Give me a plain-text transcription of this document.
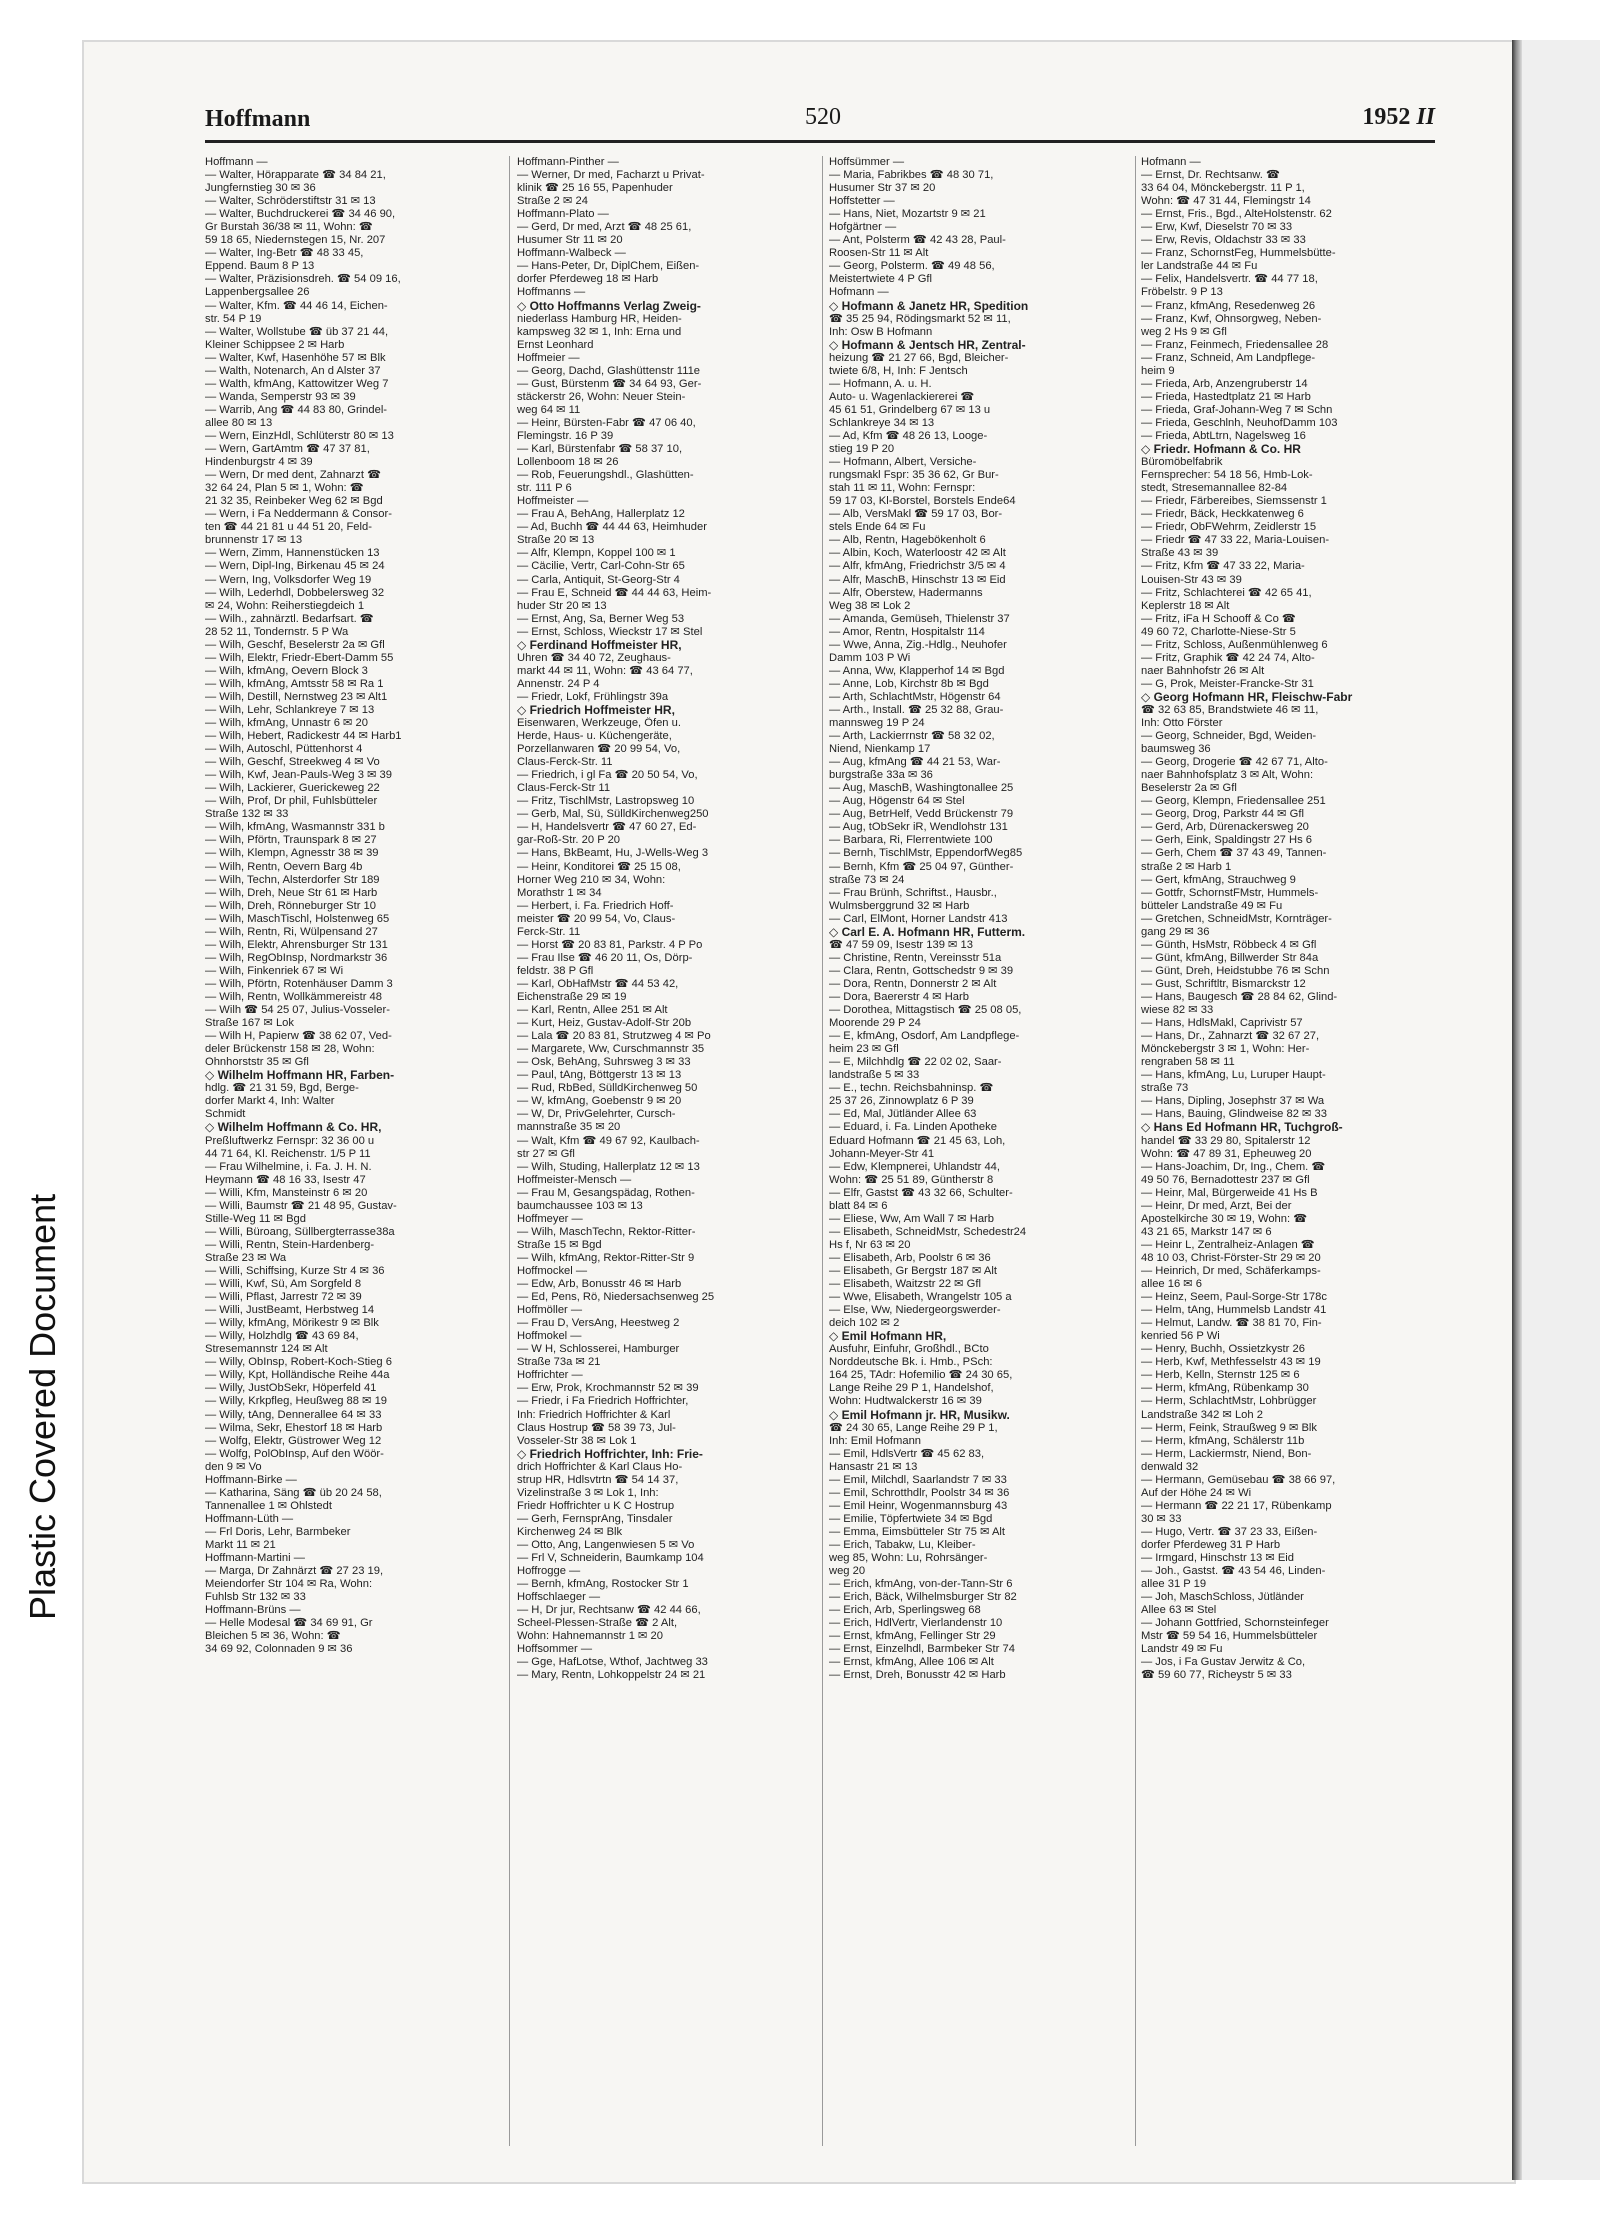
Plastic Covered Document
Hoffmann	520	1952 II
Hoffmann —
— Walter, Hörapparate ☎ 34 84 21,
Jungfernstieg 30 ✉ 36
— Walter, Schröderstiftstr 31 ✉ 13
— Walter, Buchdruckerei ☎ 34 46 90,
Gr Burstah 36/38 ✉ 11, Wohn: ☎
59 18 65, Niedernstegen 15, Nr. 207
— Walter, Ing-Betr ☎ 48 33 45,
Eppend. Baum 8 P 13
— Walter, Präzisionsdreh. ☎ 54 09 16,
Lappenbergsallee 26
— Walter, Kfm. ☎ 44 46 14, Eichen-
str. 54 P 19
— Walter, Wollstube ☎ üb 37 21 44,
Kleiner Schippsee 2 ✉ Harb
— Walter, Kwf, Hasenhöhe 57 ✉ Blk
— Walth, Notenarch, An d Alster 37
— Walth, kfmAng, Kattowitzer Weg 7
— Wanda, Semperstr 93 ✉ 39
— Warrib, Ang ☎ 44 83 80, Grindel-
allee 80 ✉ 13
— Wern, EinzHdl, Schlüterstr 80 ✉ 13
— Wern, GartAmtm ☎ 47 37 81,
Hindenburgstr 4 ✉ 39
— Wern, Dr med dent, Zahnarzt ☎
32 64 24, Plan 5 ✉ 1, Wohn: ☎
21 32 35, Reinbeker Weg 62 ✉ Bgd
— Wern, i Fa Neddermann & Consor-
ten ☎ 44 21 81 u 44 51 20, Feld-
brunnenstr 17 ✉ 13
— Wern, Zimm, Hannenstücken 13
— Wern, Dipl-Ing, Birkenau 45 ✉ 24
— Wern, Ing, Volksdorfer Weg 19
— Wilh, Lederhdl, Dobbelersweg 32
✉ 24, Wohn: Reiherstiegdeich 1
— Wilh., zahnärztl. Bedarfsart. ☎
28 52 11, Tondernstr. 5 P Wa
— Wilh, Geschf, Beselerstr 2a ✉ Gfl
— Wilh, Elektr, Friedr-Ebert-Damm 55
— Wilh, kfmAng, Oevern Block 3
— Wilh, kfmAng, Amtsstr 58 ✉ Ra 1
— Wilh, Destill, Nernstweg 23 ✉ Alt1
— Wilh, Lehr, Schlankreye 7 ✉ 13
— Wilh, kfmAng, Unnastr 6 ✉ 20
— Wilh, Hebert, Radickestr 44 ✉ Harb1
— Wilh, Autoschl, Püttenhorst 4
— Wilh, Geschf, Streekweg 4 ✉ Vo
— Wilh, Kwf, Jean-Pauls-Weg 3 ✉ 39
— Wilh, Lackierer, Guerickeweg 22
— Wilh, Prof, Dr phil, Fuhlsbütteler
Straße 132 ✉ 33
— Wilh, kfmAng, Wasmannstr 331 b
— Wilh, Pförtn, Traunspark 8 ✉ 27
— Wilh, Klempn, Agnesstr 38 ✉ 39
— Wilh, Rentn, Oevern Barg 4b
— Wilh, Techn, Alsterdorfer Str 189
— Wilh, Dreh, Neue Str 61 ✉ Harb
— Wilh, Dreh, Rönneburger Str 10
— Wilh, MaschTischl, Holstenweg 65
— Wilh, Rentn, Ri, Wülpensand 27
— Wilh, Elektr, Ahrensburger Str 131
— Wilh, RegObInsp, Nordmarkstr 36
— Wilh, Finkenriek 67 ✉ Wi
— Wilh, Pförtn, Rotenhäuser Damm 3
— Wilh, Rentn, Wollkämmereistr 48
— Wilh ☎ 54 25 07, Julius-Vosseler-
Straße 167 ✉ Lok
— Wilh H, Papierw ☎ 38 62 07, Ved-
deler Brückenstr 158 ✉ 28, Wohn:
Ohnhorststr 35 ✉ Gfl
◇ Wilhelm Hoffmann HR, Farben-
hdlg. ☎ 21 31 59, Bgd, Berge-
dorfer Markt 4, Inh: Walter
Schmidt
◇ Wilhelm Hoffmann & Co. HR,
Preßluftwerkz Fernspr: 32 36 00 u
44 71 64, Kl. Reichenstr. 1/5 P 11
— Frau Wilhelmine, i. Fa. J. H. N.
Heymann ☎ 48 16 33, Isestr 47
— Willi, Kfm, Mansteinstr 6 ✉ 20
— Willi, Baumstr ☎ 21 48 95, Gustav-
Stille-Weg 11 ✉ Bgd
— Willi, Büroang, Süllbergterrasse38a
— Willi, Rentn, Stein-Hardenberg-
Straße 23 ✉ Wa
— Willi, Schiffsing, Kurze Str 4 ✉ 36
— Willi, Kwf, Sü, Am Sorgfeld 8
— Willi, Pflast, Jarrestr 72 ✉ 39
— Willi, JustBeamt, Herbstweg 14
— Willy, kfmAng, Mörikestr 9 ✉ Blk
— Willy, Holzhdlg ☎ 43 69 84,
Stresemannstr 124 ✉ Alt
— Willy, ObInsp, Robert-Koch-Stieg 6
— Willy, Kpt, Holländische Reihe 44a
— Willy, JustObSekr, Höperfeld 41
— Willy, Krkpfleg, Heußweg 88 ✉ 19
— Willy, tAng, Dennerallee 64 ✉ 33
— Wilma, Sekr, Ehestorf 18 ✉ Harb
— Wolfg, Elektr, Güstrower Weg 12
— Wolfg, PolObInsp, Auf den Wöör-
den 9 ✉ Vo
Hoffmann-Birke —
— Katharina, Säng ☎ üb 20 24 58,
Tannenallee 1 ✉ Ohlstedt
Hoffmann-Lüth —
— Frl Doris, Lehr, Barmbeker
Markt 11 ✉ 21
Hoffmann-Martini —
— Marga, Dr Zahnärzt ☎ 27 23 19,
Meiendorfer Str 104 ✉ Ra, Wohn:
Fuhlsb Str 132 ✉ 33
Hoffmann-Brüns —
— Helle Modesal ☎ 34 69 91, Gr
Bleichen 5 ✉ 36, Wohn: ☎
34 69 92, Colonnaden 9 ✉ 36
Hoffmann-Pinther —
— Werner, Dr med, Facharzt u Privat-
klinik ☎ 25 16 55, Papenhuder
Straße 2 ✉ 24
Hoffmann-Plato —
— Gerd, Dr med, Arzt ☎ 48 25 61,
Husumer Str 11 ✉ 20
Hoffmann-Walbeck —
— Hans-Peter, Dr, DiplChem, Eißen-
dorfer Pferdeweg 18 ✉ Harb
Hoffmanns —
◇ Otto Hoffmanns Verlag Zweig-
niederlass Hamburg HR, Heiden-
kampsweg 32 ✉ 1, Inh: Erna und
Ernst Leonhard
Hoffmeier —
— Georg, Dachd, Glashüttenstr 111e
— Gust, Bürstenm ☎ 34 64 93, Ger-
stäckerstr 26, Wohn: Neuer Stein-
weg 64 ✉ 11
— Heinr, Bürsten-Fabr ☎ 47 06 40,
Flemingstr. 16 P 39
— Karl, Bürstenfabr ☎ 58 37 10,
Lollenboom 18 ✉ 26
— Rob, Feuerungshdl., Glashütten-
str. 111 P 6
Hoffmeister —
— Frau A, BehAng, Hallerplatz 12
— Ad, Buchh ☎ 44 44 63, Heimhuder
Straße 20 ✉ 13
— Alfr, Klempn, Koppel 100 ✉ 1
— Cäcilie, Vertr, Carl-Cohn-Str 65
— Carla, Antiquit, St-Georg-Str 4
— Frau E, Schneid ☎ 44 44 63, Heim-
huder Str 20 ✉ 13
— Ernst, Ang, Sa, Berner Weg 53
— Ernst, Schloss, Wieckstr 17 ✉ Stel
◇ Ferdinand Hoffmeister HR,
Uhren ☎ 34 40 72, Zeughaus-
markt 44 ✉ 11, Wohn: ☎ 43 64 77,
Annenstr. 24 P 4
— Friedr, Lokf, Frühlingstr 39a
◇ Friedrich Hoffmeister HR,
Eisenwaren, Werkzeuge, Öfen u.
Herde, Haus- u. Küchengeräte,
Porzellanwaren ☎ 20 99 54, Vo,
Claus-Ferck-Str. 11
— Friedrich, i gl Fa ☎ 20 50 54, Vo,
Claus-Ferck-Str 11
— Fritz, TischlMstr, Lastropsweg 10
— Gerb, Mal, Sü, SülldKirchenweg250
— H, Handelsvertr ☎ 47 60 27, Ed-
gar-Roß-Str. 20 P 20
— Hans, BkBeamt, Hu, J-Wells-Weg 3
— Heinr, Konditorei ☎ 25 15 08,
Horner Weg 210 ✉ 34, Wohn:
Morathstr 1 ✉ 34
— Herbert, i. Fa. Friedrich Hoff-
meister ☎ 20 99 54, Vo, Claus-
Ferck-Str. 11
— Horst ☎ 20 83 81, Parkstr. 4 P Po
— Frau Ilse ☎ 46 20 11, Os, Dörp-
feldstr. 38 P Gfl
— Karl, ObHafMstr ☎ 44 53 42,
Eichenstraße 29 ✉ 19
— Karl, Rentn, Allee 251 ✉ Alt
— Kurt, Heiz, Gustav-Adolf-Str 20b
— Lala ☎ 20 83 81, Strutzweg 4 ✉ Po
— Margarete, Ww, Curschmannstr 35
— Osk, BehAng, Suhrsweg 3 ✉ 33
— Paul, tAng, Böttgerstr 13 ✉ 13
— Rud, RbBed, SülldKirchenweg 50
— W, kfmAng, Goebenstr 9 ✉ 20
— W, Dr, PrivGelehrter, Cursch-
mannstraße 35 ✉ 20
— Walt, Kfm ☎ 49 67 92, Kaulbach-
str 27 ✉ Gfl
— Wilh, Studing, Hallerplatz 12 ✉ 13
Hoffmeister-Mensch —
— Frau M, Gesangspädag, Rothen-
baumchaussee 103 ✉ 13
Hoffmeyer —
— Wilh, MaschTechn, Rektor-Ritter-
Straße 15 ✉ Bgd
— Wilh, kfmAng, Rektor-Ritter-Str 9
Hoffmockel —
— Edw, Arb, Bonusstr 46 ✉ Harb
— Ed, Pens, Rö, Niedersachsenweg 25
Hoffmöller —
— Frau D, VersAng, Heestweg 2
Hoffmokel —
— W H, Schlosserei, Hamburger
Straße 73a ✉ 21
Hoffrichter —
— Erw, Prok, Krochmannstr 52 ✉ 39
— Friedr, i Fa Friedrich Hoffrichter,
Inh: Friedrich Hoffrichter & Karl
Claus Hostrup ☎ 58 39 73, Jul-
Vosseler-Str 38 ✉ Lok 1
◇ Friedrich Hoffrichter, Inh: Frie-
drich Hoffrichter & Karl Claus Ho-
strup HR, Hdlsvtrtn ☎ 54 14 37,
Vizelinstraße 3 ✉ Lok 1, Inh:
Friedr Hoffrichter u K C Hostrup
— Gerh, FernsprAng, Tinsdaler
Kirchenweg 24 ✉ Blk
— Otto, Ang, Langenwiesen 5 ✉ Vo
— Frl V, Schneiderin, Baumkamp 104
Hoffrogge —
— Bernh, kfmAng, Rostocker Str 1
Hoffschlaeger —
— H, Dr jur, Rechtsanw ☎ 42 44 66,
Scheel-Plessen-Straße ☎ 2 Alt,
Wohn: Hahnemannstr 1 ✉ 20
Hoffsommer —
— Gge, HafLotse, Wthof, Jachtweg 33
— Mary, Rentn, Lohkoppelstr 24 ✉ 21
Hoffsümmer —
— Maria, Fabrikbes ☎ 48 30 71,
Husumer Str 37 ✉ 20
Hoffstetter —
— Hans, Niet, Mozartstr 9 ✉ 21
Hofgärtner —
— Ant, Polsterm ☎ 42 43 28, Paul-
Roosen-Str 11 ✉ Alt
— Georg, Polsterm. ☎ 49 48 56,
Meistertwiete 4 P Gfl
Hofmann —
◇ Hofmann & Janetz HR, Spedition
☎ 35 25 94, Rödingsmarkt 52 ✉ 11,
Inh: Osw B Hofmann
◇ Hofmann & Jentsch HR, Zentral-
heizung ☎ 21 27 66, Bgd, Bleicher-
twiete 6/8, H, Inh: F Jentsch
— Hofmann, A. u. H.
Auto- u. Wagenlackiererei ☎
45 61 51, Grindelberg 67 ✉ 13 u
Schlankreye 34 ✉ 13
— Ad, Kfm ☎ 48 26 13, Looge-
stieg 19 P 20
— Hofmann, Albert, Versiche-
rungsmakl Fspr: 35 36 62, Gr Bur-
stah 11 ✉ 11, Wohn: Fernspr:
59 17 03, Kl-Borstel, Borstels Ende64
— Alb, VersMakl ☎ 59 17 03, Bor-
stels Ende 64 ✉ Fu
— Alb, Rentn, Hagebökenholt 6
— Albin, Koch, Waterloostr 42 ✉ Alt
— Alfr, kfmAng, Friedrichstr 3/5 ✉ 4
— Alfr, MaschB, Hinschstr 13 ✉ Eid
— Alfr, Oberstew, Hadermanns
Weg 38 ✉ Lok 2
— Amanda, Gemüseh, Thielenstr 37
— Amor, Rentn, Hospitalstr 114
— Wwe, Anna, Zig.-Hdlg., Neuhofer
Damm 103 P Wi
— Anna, Ww, Klapperhof 14 ✉ Bgd
— Anne, Lob, Kirchstr 8b ✉ Bgd
— Arth, SchlachtMstr, Högenstr 64
— Arth., Install. ☎ 25 32 88, Grau-
mannsweg 19 P 24
— Arth, Lackierrnstr ☎ 58 32 02,
Niend, Nienkamp 17
— Aug, kfmAng ☎ 44 21 53, War-
burgstraße 33a ✉ 36
— Aug, MaschB, Washingtonallee 25
— Aug, Högenstr 64 ✉ Stel
— Aug, BetrHelf, Vedd Brückenstr 79
— Aug, tObSekr iR, Wendlohstr 131
— Barbara, Ri, Flerrentwiete 100
— Bernh, TischlMstr, EppendorfWeg85
— Bernh, Kfm ☎ 25 04 97, Günther-
straße 73 ✉ 24
— Frau Brünh, Schriftst., Hausbr.,
Wulmsberggrund 32 ✉ Harb
— Carl, ElMont, Horner Landstr 413
◇ Carl E. A. Hofmann HR, Futterm.
☎ 47 59 09, Isestr 139 ✉ 13
— Christine, Rentn, Vereinsstr 51a
— Clara, Rentn, Gottschedstr 9 ✉ 39
— Dora, Rentn, Donnerstr 2 ✉ Alt
— Dora, Baererstr 4 ✉ Harb
— Dorothea, Mittagstisch ☎ 25 08 05,
Moorende 29 P 24
— E, kfmAng, Osdorf, Am Landpflege-
heim 23 ✉ Gfl
— E, Milchhdlg ☎ 22 02 02, Saar-
landstraße 5 ✉ 33
— E., techn. Reichsbahninsp. ☎
25 37 26, Zinnowplatz 6 P 39
— Ed, Mal, Jütländer Allee 63
— Eduard, i. Fa. Linden Apotheke
Eduard Hofmann ☎ 21 45 63, Loh,
Johann-Meyer-Str 41
— Edw, Klempnerei, Uhlandstr 44,
Wohn: ☎ 25 51 89, Güntherstr 8
— Elfr, Gastst ☎ 43 32 66, Schulter-
blatt 84 ✉ 6
— Eliese, Ww, Am Wall 7 ✉ Harb
— Elisabeth, SchneidMstr, Schedestr24
Hs f, Nr 63 ✉ 20
— Elisabeth, Arb, Poolstr 6 ✉ 36
— Elisabeth, Gr Bergstr 187 ✉ Alt
— Elisabeth, Waitzstr 22 ✉ Gfl
— Wwe, Elisabeth, Wrangelstr 105 a
— Else, Ww, Niedergeorgswerder-
deich 102 ✉ 2
◇ Emil Hofmann HR,
Ausfuhr, Einfuhr, Großhdl., BCto
Norddeutsche Bk. i. Hmb., PSch:
164 25, TAdr: Hofemilio ☎ 24 30 65,
Lange Reihe 29 P 1, Handelshof,
Wohn: Hudtwalckerstr 16 ✉ 39
◇ Emil Hofmann jr. HR, Musikw.
☎ 24 30 65, Lange Reihe 29 P 1,
Inh: Emil Hofmann
— Emil, HdlsVertr ☎ 45 62 83,
Hansastr 21 ✉ 13
— Emil, Milchdl, Saarlandstr 7 ✉ 33
— Emil, Schrotthdlr, Poolstr 34 ✉ 36
— Emil Heinr, Wogenmannsburg 43
— Emilie, Töpfertwiete 34 ✉ Bgd
— Emma, Eimsbütteler Str 75 ✉ Alt
— Erich, Tabakw, Lu, Kleiber-
weg 85, Wohn: Lu, Rohrsänger-
weg 20
— Erich, kfmAng, von-der-Tann-Str 6
— Erich, Bäck, Wilhelmsburger Str 82
— Erich, Arb, Sperlingsweg 68
— Erich, HdlVertr, Vierlandenstr 10
— Ernst, kfmAng, Fellinger Str 29
— Ernst, Einzelhdl, Barmbeker Str 74
— Ernst, kfmAng, Allee 106 ✉ Alt
— Ernst, Dreh, Bonusstr 42 ✉ Harb
Hofmann —
— Ernst, Dr. Rechtsanw. ☎
33 64 04, Mönckebergstr. 11 P 1,
Wohn: ☎ 47 31 44, Flemingstr 14
— Ernst, Fris., Bgd., AlteHolstenstr. 62
— Erw, Kwf, Dieselstr 70 ✉ 33
— Erw, Revis, Oldachstr 33 ✉ 33
— Franz, SchornstFeg, Hummelsbütte-
ler Landstraße 44 ✉ Fu
— Felix, Handelsvertr. ☎ 44 77 18,
Fröbelstr. 9 P 13
— Franz, kfmAng, Resedenweg 26
— Franz, Kwf, Ohnsorgweg, Neben-
weg 2 Hs 9 ✉ Gfl
— Franz, Feinmech, Friedensallee 28
— Franz, Schneid, Am Landpflege-
heim 9
— Frieda, Arb, Anzengruberstr 14
— Frieda, Hastedtplatz 21 ✉ Harb
— Frieda, Graf-Johann-Weg 7 ✉ Schn
— Frieda, Geschlnh, NeuhofDamm 103
— Frieda, AbtLtrn, Nagelsweg 16
◇ Friedr. Hofmann & Co. HR
Büromöbelfabrik
Fernsprecher: 54 18 56, Hmb-Lok-
stedt, Stresemannallee 82-84
— Friedr, Färbereibes, Siemssenstr 1
— Friedr, Bäck, Heckkatenweg 6
— Friedr, ObFWehrm, Zeidlerstr 15
— Friedr ☎ 47 33 22, Maria-Louisen-
Straße 43 ✉ 39
— Fritz, Kfm ☎ 47 33 22, Maria-
Louisen-Str 43 ✉ 39
— Fritz, Schlachterei ☎ 42 65 41,
Keplerstr 18 ✉ Alt
— Fritz, iFa H Schooff & Co ☎
49 60 72, Charlotte-Niese-Str 5
— Fritz, Schloss, Außenmühlenweg 6
— Fritz, Graphik ☎ 42 24 74, Alto-
naer Bahnhofstr 26 ✉ Alt
— G, Prok, Meister-Francke-Str 31
◇ Georg Hofmann HR, Fleischw-Fabr
☎ 32 63 85, Brandstwiete 46 ✉ 11,
Inh: Otto Förster
— Georg, Schneider, Bgd, Weiden-
baumsweg 36
— Georg, Drogerie ☎ 42 67 71, Alto-
naer Bahnhofsplatz 3 ✉ Alt, Wohn:
Beselerstr 2a ✉ Gfl
— Georg, Klempn, Friedensallee 251
— Georg, Drog, Parkstr 44 ✉ Gfl
— Gerd, Arb, Dürenackersweg 20
— Gerh, Eink, Spaldingstr 27 Hs 6
— Gerh, Chem ☎ 37 43 49, Tannen-
straße 2 ✉ Harb 1
— Gert, kfmAng, Strauchweg 9
— Gottfr, SchornstFMstr, Hummels-
bütteler Landstraße 49 ✉ Fu
— Gretchen, SchneidMstr, Kornträger-
gang 29 ✉ 36
— Günth, HsMstr, Röbbeck 4 ✉ Gfl
— Günt, kfmAng, Billwerder Str 84a
— Günt, Dreh, Heidstubbe 76 ✉ Schn
— Gust, Schriftltr, Bismarckstr 12
— Hans, Baugesch ☎ 28 84 62, Glind-
wiese 82 ✉ 33
— Hans, HdlsMakl, Caprivistr 57
— Hans, Dr., Zahnarzt ☎ 32 67 27,
Mönckebergstr 3 ✉ 1, Wohn: Her-
rengraben 58 ✉ 11
— Hans, kfmAng, Lu, Luruper Haupt-
straße 73
— Hans, Dipling, Josephstr 37 ✉ Wa
— Hans, Bauing, Glindweise 82 ✉ 33
◇ Hans Ed Hofmann HR, Tuchgroß-
handel ☎ 33 29 80, Spitalerstr 12
Wohn: ☎ 47 89 31, Epheuweg 20
— Hans-Joachim, Dr, Ing., Chem. ☎
49 50 76, Bernadottestr 237 ✉ Gfl
— Heinr, Mal, Bürgerweide 41 Hs B
— Heinr, Dr med, Arzt, Bei der
Apostelkirche 30 ✉ 19, Wohn: ☎
43 21 65, Markstr 147 ✉ 6
— Heinr L, Zentralheiz-Anlagen ☎
48 10 03, Christ-Förster-Str 29 ✉ 20
— Heinrich, Dr med, Schäferkamps-
allee 16 ✉ 6
— Heinz, Seem, Paul-Sorge-Str 178c
— Helm, tAng, Hummelsb Landstr 41
— Helmut, Landw. ☎ 38 81 70, Fin-
kenried 56 P Wi
— Henry, Buchh, Ossietzkystr 26
— Herb, Kwf, Methfesselstr 43 ✉ 19
— Herb, Kelln, Sternstr 125 ✉ 6
— Herm, kfmAng, Rübenkamp 30
— Herm, SchlachtMstr, Lohbrügger
Landstraße 342 ✉ Loh 2
— Herm, Feink, Straußweg 9 ✉ Blk
— Herm, kfmAng, Schälerstr 11b
— Herm, Lackiermstr, Niend, Bon-
denwald 32
— Hermann, Gemüsebau ☎ 38 66 97,
Auf der Höhe 24 ✉ Wi
— Hermann ☎ 22 21 17, Rübenkamp
30 ✉ 33
— Hugo, Vertr. ☎ 37 23 33, Eißen-
dorfer Pferdeweg 31 P Harb
— Irmgard, Hinschstr 13 ✉ Eid
— Joh., Gastst. ☎ 43 54 46, Linden-
allee 31 P 19
— Joh, MaschSchloss, Jütländer
Allee 63 ✉ Stel
— Johann Gottfried, Schornsteinfeger
Mstr ☎ 59 54 16, Hummelsbütteler
Landstr 49 ✉ Fu
— Jos, i Fa Gustav Jerwitz & Co,
☎ 59 60 77, Richeystr 5 ✉ 33
